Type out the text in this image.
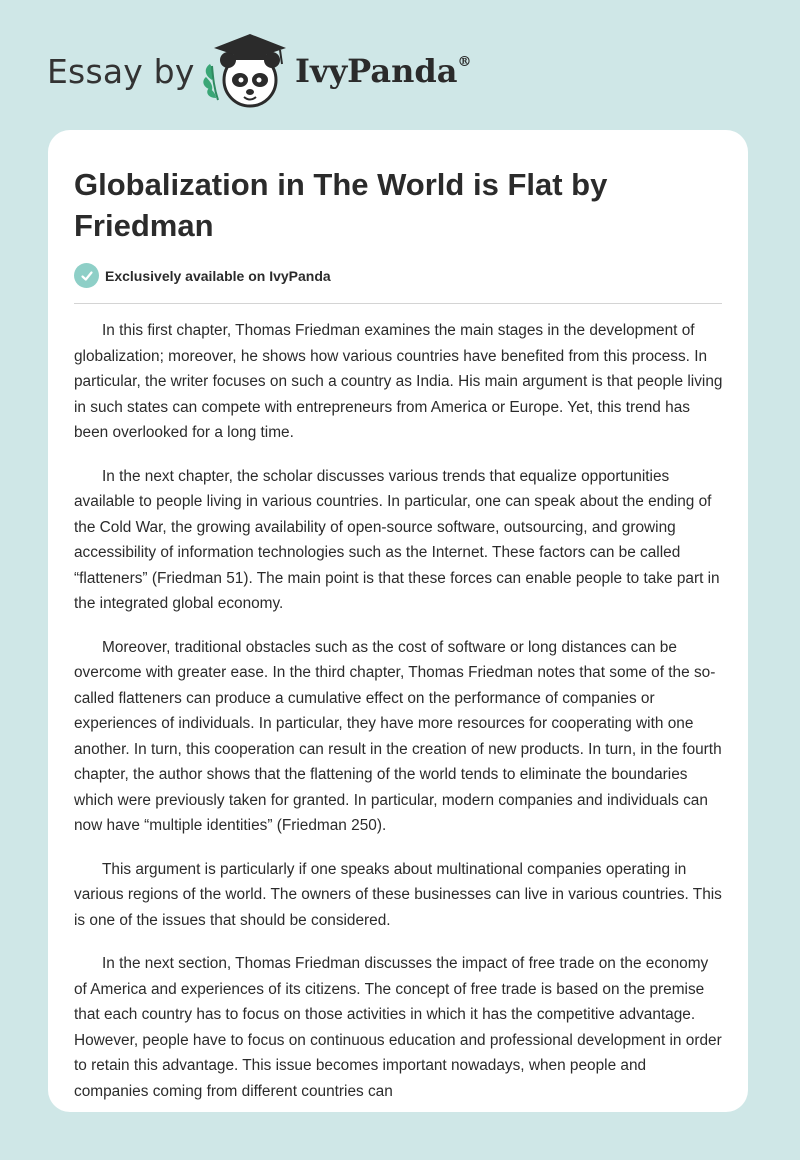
Essay by	IvyPanda®
Globalization in The World is Flat by Friedman
Exclusively available on IvyPanda

In this first chapter, Thomas Friedman examines the main stages in the development of globalization; moreover, he shows how various countries have benefited from this process. In particular, the writer focuses on such a country as India. His main argument is that people living in such states can compete with entrepreneurs from America or Europe. Yet, this trend has been overlooked for a long time.

In the next chapter, the scholar discusses various trends that equalize opportunities available to people living in various countries. In particular, one can speak about the ending of the Cold War, the growing availability of open-source software, outsourcing, and growing accessibility of information technologies such as the Internet. These factors can be called “flatteners” (Friedman 51). The main point is that these forces can enable people to take part in the integrated global economy.

Moreover, traditional obstacles such as the cost of software or long distances can be overcome with greater ease. In the third chapter, Thomas Friedman notes that some of the so-called flatteners can produce a cumulative effect on the performance of companies or experiences of individuals. In particular, they have more resources for cooperating with one another. In turn, this cooperation can result in the creation of new products. In turn, in the fourth chapter, the author shows that the flattening of the world tends to eliminate the boundaries which were previously taken for granted. In particular, modern companies and individuals can now have “multiple identities” (Friedman 250).

This argument is particularly if one speaks about multinational companies operating in various regions of the world. The owners of these businesses can live in various countries. This is one of the issues that should be considered.

In the next section, Thomas Friedman discusses the impact of free trade on the economy of America and experiences of its citizens. The concept of free trade is based on the premise that each country has to focus on those activities in which it has the competitive advantage. However, people have to focus on continuous education and professional development in order to retain this advantage. This issue becomes important nowadays, when people and companies coming from different countries can
